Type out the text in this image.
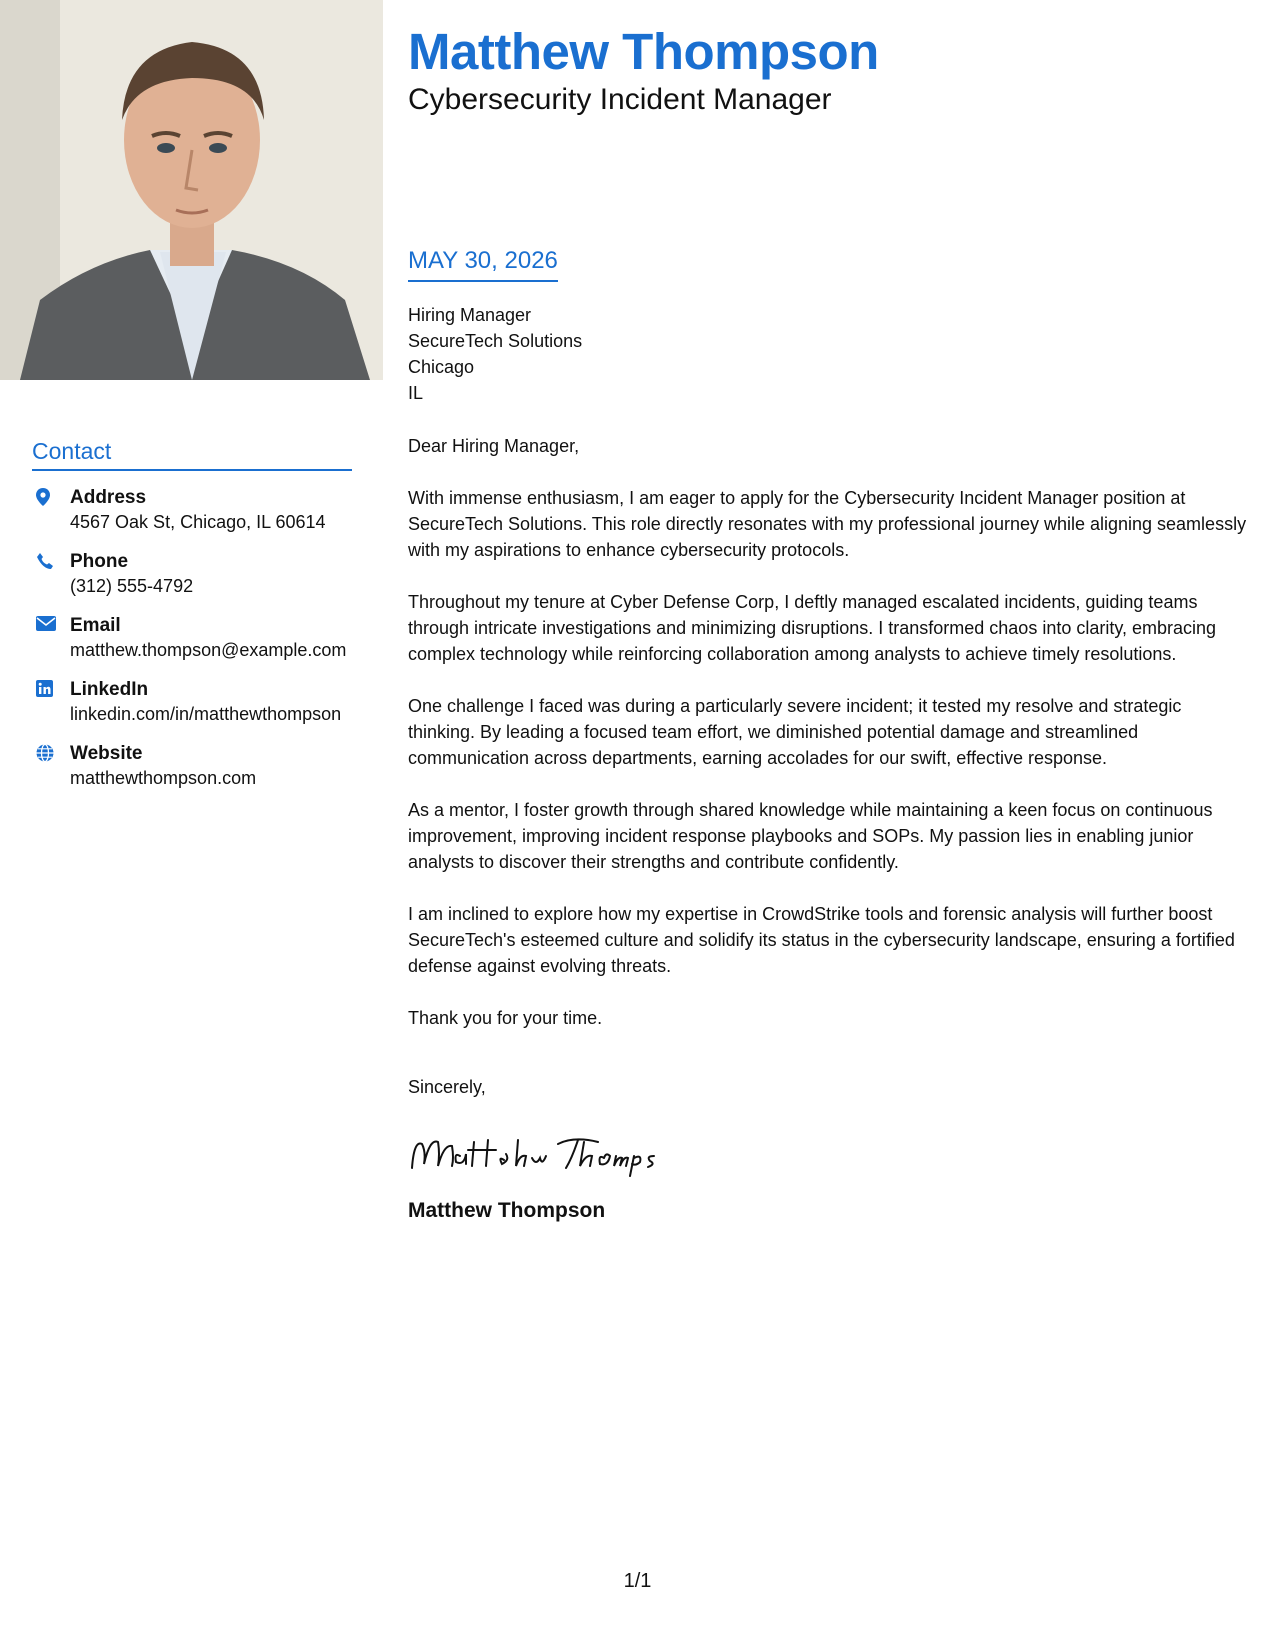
Matthew Thompson
Cybersecurity Incident Manager
Contact
Address
4567 Oak St, Chicago, IL 60614
Phone
(312) 555-4792
Email
matthew.thompson@example.com
LinkedIn
linkedin.com/in/matthewthompson
Website
matthewthompson.com
MAY 30, 2026
Hiring Manager
SecureTech Solutions
Chicago
IL
Dear Hiring Manager,
With immense enthusiasm, I am eager to apply for the Cybersecurity Incident Manager position at SecureTech Solutions. This role directly resonates with my professional journey while aligning seamlessly with my aspirations to enhance cybersecurity protocols.
Throughout my tenure at Cyber Defense Corp, I deftly managed escalated incidents, guiding teams through intricate investigations and minimizing disruptions. I transformed chaos into clarity, embracing complex technology while reinforcing collaboration among analysts to achieve timely resolutions.
One challenge I faced was during a particularly severe incident; it tested my resolve and strategic thinking. By leading a focused team effort, we diminished potential damage and streamlined communication across departments, earning accolades for our swift, effective response.
As a mentor, I foster growth through shared knowledge while maintaining a keen focus on continuous improvement, improving incident response playbooks and SOPs. My passion lies in enabling junior analysts to discover their strengths and contribute confidently.
I am inclined to explore how my expertise in CrowdStrike tools and forensic analysis will further boost SecureTech's esteemed culture and solidify its status in the cybersecurity landscape, ensuring a fortified defense against evolving threats.
Thank you for your time.
Sincerely,
Matthew Thompson
1/1
